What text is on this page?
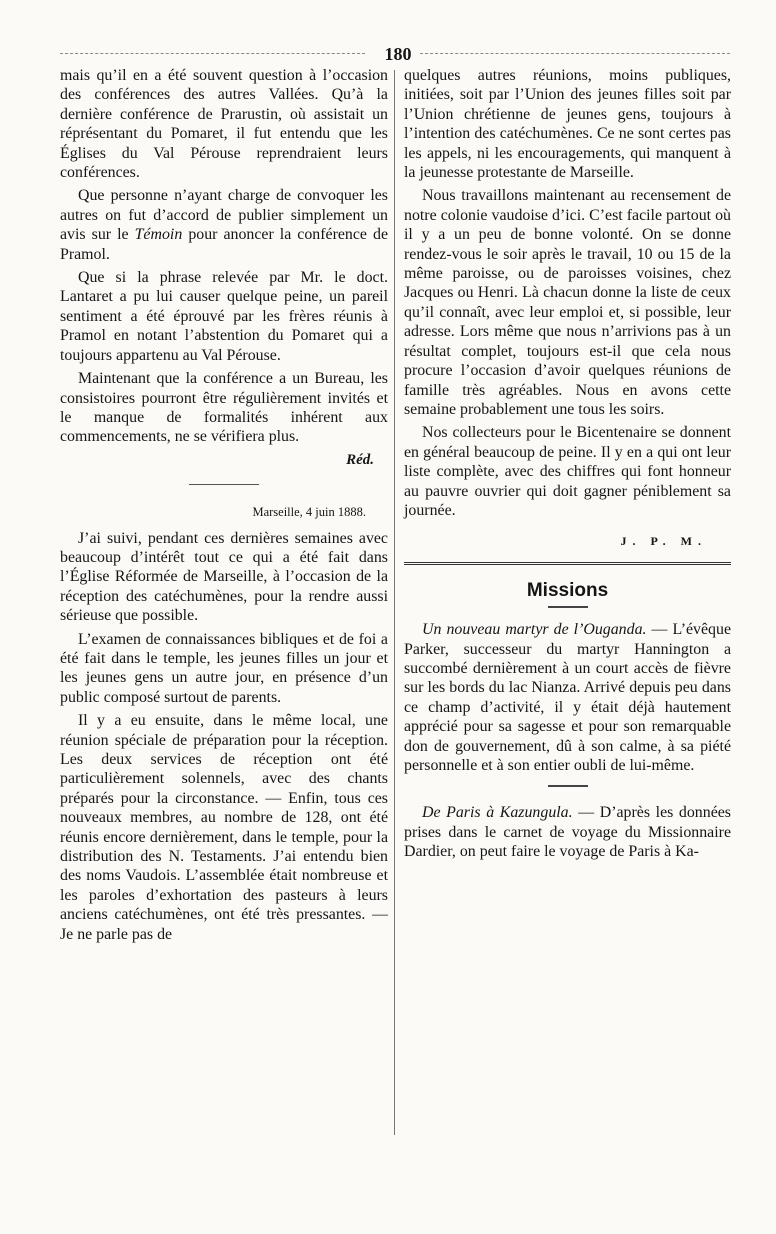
180

mais qu’il en a été souvent question à l’occasion des conférences des autres Vallées. Qu’à la dernière conférence de Prarustin, où assistait un réprésentant du Pomaret, il fut entendu que les Églises du Val Pérouse reprendraient leurs conférences.

Que personne n’ayant charge de convoquer les autres on fut d’accord de publier simplement un avis sur le Témoin pour anoncer la conférence de Pramol.

Que si la phrase relevée par Mr. le doct. Lantaret a pu lui causer quelque peine, un pareil sentiment a été éprouvé par les frères réunis à Pramol en notant l’abstention du Pomaret qui a toujours appartenu au Val Pérouse.

Maintenant que la conférence a un Bureau, les consistoires pourront être régulièrement invités et le manque de formalités inhérent aux commencements, ne se vérifiera plus.

Réd.
Marseille, 4 juin 1888.

J’ai suivi, pendant ces dernières semaines avec beaucoup d’intérêt tout ce qui a été fait dans l’Église Réformée de Marseille, à l’occasion de la réception des catéchumènes, pour la rendre aussi sérieuse que possible.

L’examen de connaissances bibliques et de foi a été fait dans le temple, les jeunes filles un jour et les jeunes gens un autre jour, en présence d’un public composé surtout de parents.

Il y a eu ensuite, dans le même local, une réunion spéciale de préparation pour la réception. Les deux services de réception ont été particulièrement solennels, avec des chants préparés pour la circonstance. — Enfin, tous ces nouveaux membres, au nombre de 128, ont été réunis encore dernièrement, dans le temple, pour la distribution des N. Testaments. J’ai entendu bien des noms Vaudois. L’assemblée était nombreuse et les paroles d’exhortation des pasteurs à leurs anciens catéchumènes, ont été très pressantes. — Je ne parle pas de

quelques autres réunions, moins publiques, initiées, soit par l’Union des jeunes filles soit par l’Union chrétienne de jeunes gens, toujours à l’intention des catéchumènes. Ce ne sont certes pas les appels, ni les encouragements, qui manquent à la jeunesse protestante de Marseille.

Nous travaillons maintenant au recensement de notre colonie vaudoise d’ici. C’est facile partout où il y a un peu de bonne volonté. On se donne rendez-vous le soir après le travail, 10 ou 15 de la même paroisse, ou de paroisses voisines, chez Jacques ou Henri. Là chacun donne la liste de ceux qu’il connaît, avec leur emploi et, si possible, leur adresse. Lors même que nous n’arrivions pas à un résultat complet, toujours est-il que cela nous procure l’occasion d’avoir quelques réunions de famille très agréables. Nous en avons cette semaine probablement une tous les soirs.

Nos collecteurs pour le Bicentenaire se donnent en général beaucoup de peine. Il y en a qui ont leur liste complète, avec des chiffres qui font honneur au pauvre ouvrier qui doit gagner péniblement sa journée.

J. P. M.
Missions

Un nouveau martyr de l’Ouganda. — L’évêque Parker, successeur du martyr Hannington a succombé dernièrement à un court accès de fièvre sur les bords du lac Nianza. Arrivé depuis peu dans ce champ d’activité, il y était déjà hautement apprécié pour sa sagesse et pour son remarquable don de gouvernement, dû à son calme, à sa piété personnelle et à son entier oubli de lui-même.

De Paris à Kazungula. — D’après les données prises dans le carnet de voyage du Missionnaire Dardier, on peut faire le voyage de Paris à Ka-
